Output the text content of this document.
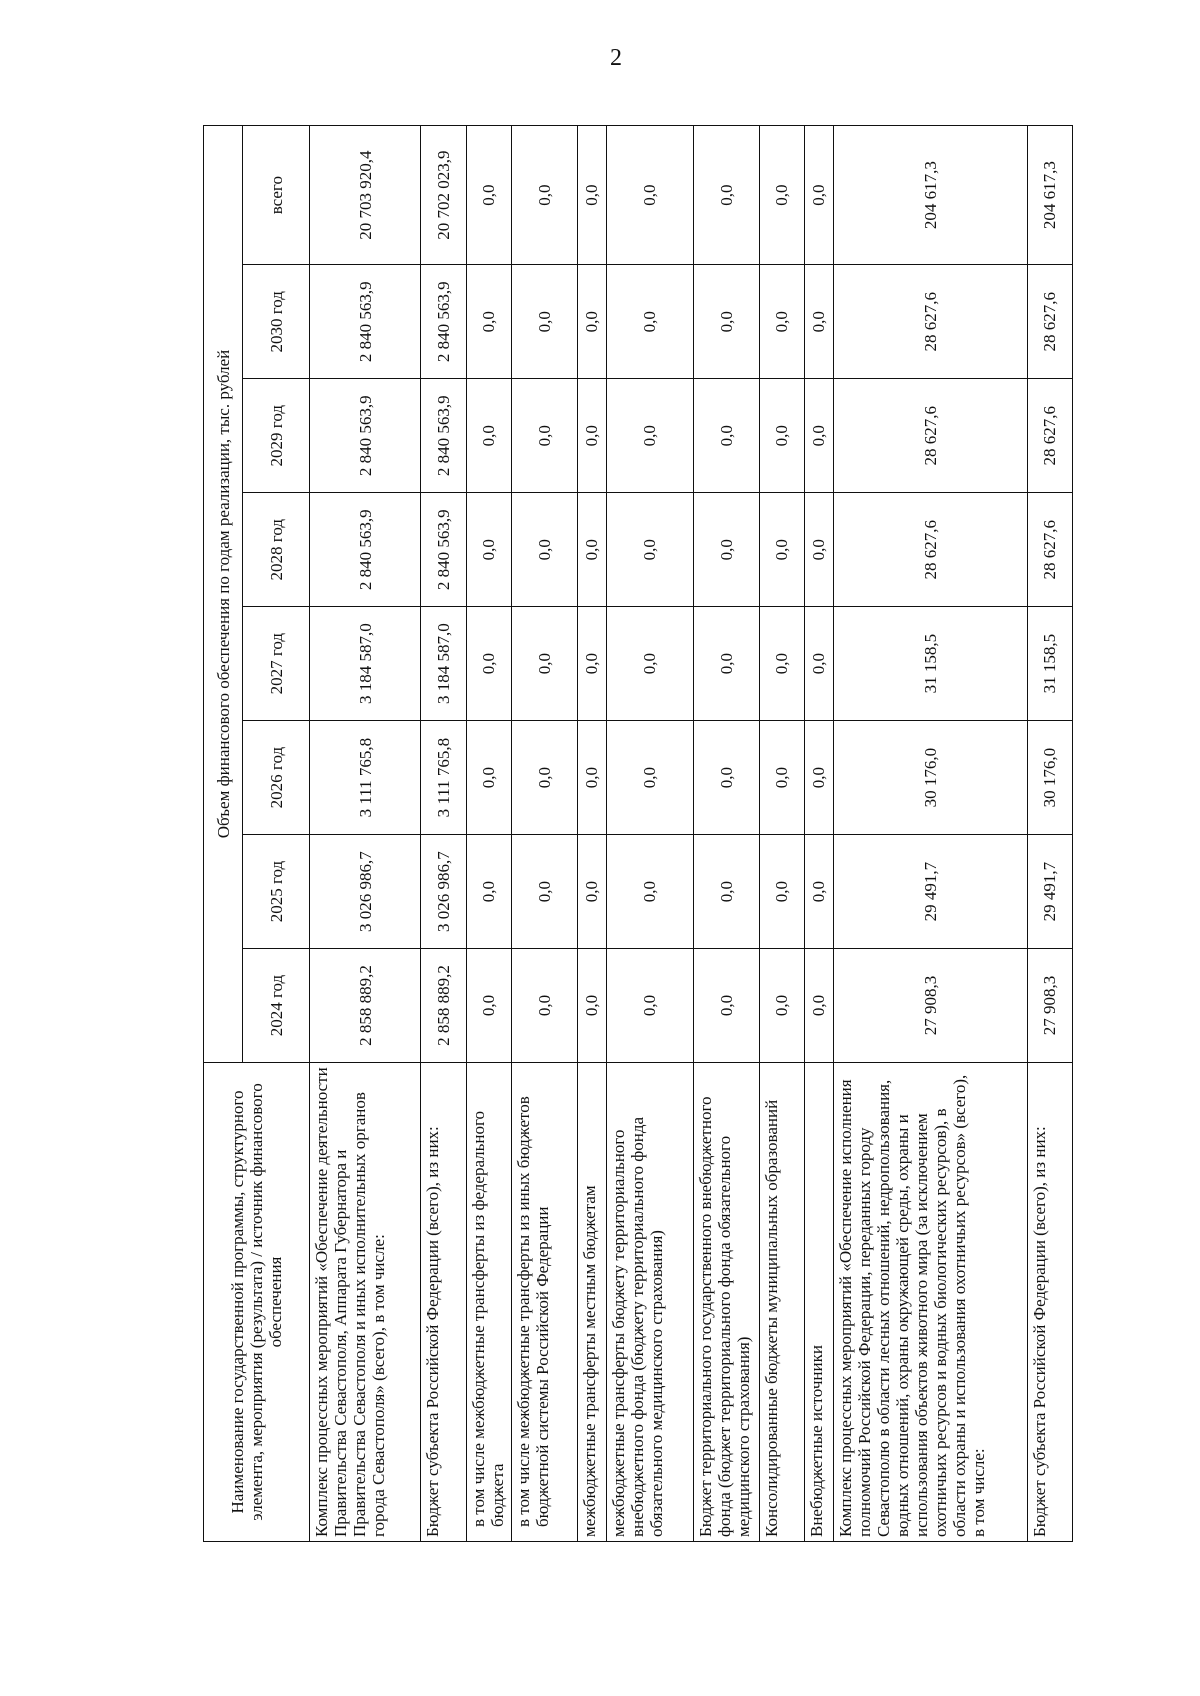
2
Наименование государственной программы, структурного элемента, мероприятия (результата) / источник финансового обеспечения	Объем финансового обеспечения по годам реализации, тыс. рублей							
	2024 год	2025 год	2026 год	2027 год	2028 год	2029 год	2030 год	всего
Комплекс процессных мероприятий «Обеспечение деятельности Правительства Севастополя, Аппарата Губернатора и Правительства Севастополя и иных исполнительных органов города Севастополя» (всего), в том числе:	2 858 889,2	3 026 986,7	3 111 765,8	3 184 587,0	2 840 563,9	2 840 563,9	2 840 563,9	20 703 920,4
Бюджет субъекта Российской Федерации (всего), из них:	2 858 889,2	3 026 986,7	3 111 765,8	3 184 587,0	2 840 563,9	2 840 563,9	2 840 563,9	20 702 023,9
в том числе межбюджетные трансферты из федерального бюджета	0,0	0,0	0,0	0,0	0,0	0,0	0,0	0,0
в том числе межбюджетные трансферты из иных бюджетов бюджетной системы Российской Федерации	0,0	0,0	0,0	0,0	0,0	0,0	0,0	0,0
межбюджетные трансферты местным бюджетам	0,0	0,0	0,0	0,0	0,0	0,0	0,0	0,0
межбюджетные трансферты бюджету территориального внебюджетного фонда (бюджету территориального фонда обязательного медицинского страхования)	0,0	0,0	0,0	0,0	0,0	0,0	0,0	0,0
Бюджет территориального государственного внебюджетного фонда (бюджет территориального фонда обязательного медицинского страхования)	0,0	0,0	0,0	0,0	0,0	0,0	0,0	0,0
Консолидированные бюджеты муниципальных образований	0,0	0,0	0,0	0,0	0,0	0,0	0,0	0,0
Внебюджетные источники	0,0	0,0	0,0	0,0	0,0	0,0	0,0	0,0
Комплекс процессных мероприятий «Обеспечение исполнения полномочий Российской Федерации, переданных городу Севастополю в области лесных отношений, недропользования, водных отношений, охраны окружающей среды, охраны и использования объектов животного мира (за исключением охотничьих ресурсов и водных биологических ресурсов), в области охраны и использования охотничьих ресурсов» (всего), в том числе:	27 908,3	29 491,7	30 176,0	31 158,5	28 627,6	28 627,6	28 627,6	204 617,3
Бюджет субъекта Российской Федерации (всего), из них:	27 908,3	29 491,7	30 176,0	31 158,5	28 627,6	28 627,6	28 627,6	204 617,3
